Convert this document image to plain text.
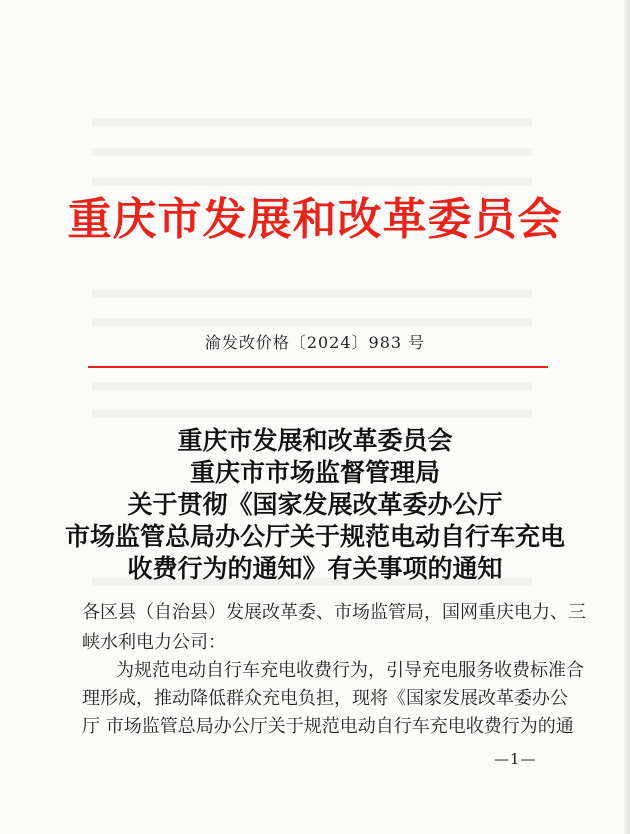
重庆市发展和改革委员会
渝发改价格〔2024〕983 号
重庆市发展和改革委员会
重庆市市场监督管理局
关于贯彻《国家发展改革委办公厅
市场监管总局办公厅关于规范电动自行车充电
收费行为的通知》有关事项的通知
各区县（自治县）发展改革委、市场监管局，国网重庆电力、三
峡水利电力公司：
为规范电动自行车充电收费行为，引导充电服务收费标准合
理形成，推动降低群众充电负担，现将《国家发展改革委办公
厅 市场监管总局办公厅关于规范电动自行车充电收费行为的通
—1—
